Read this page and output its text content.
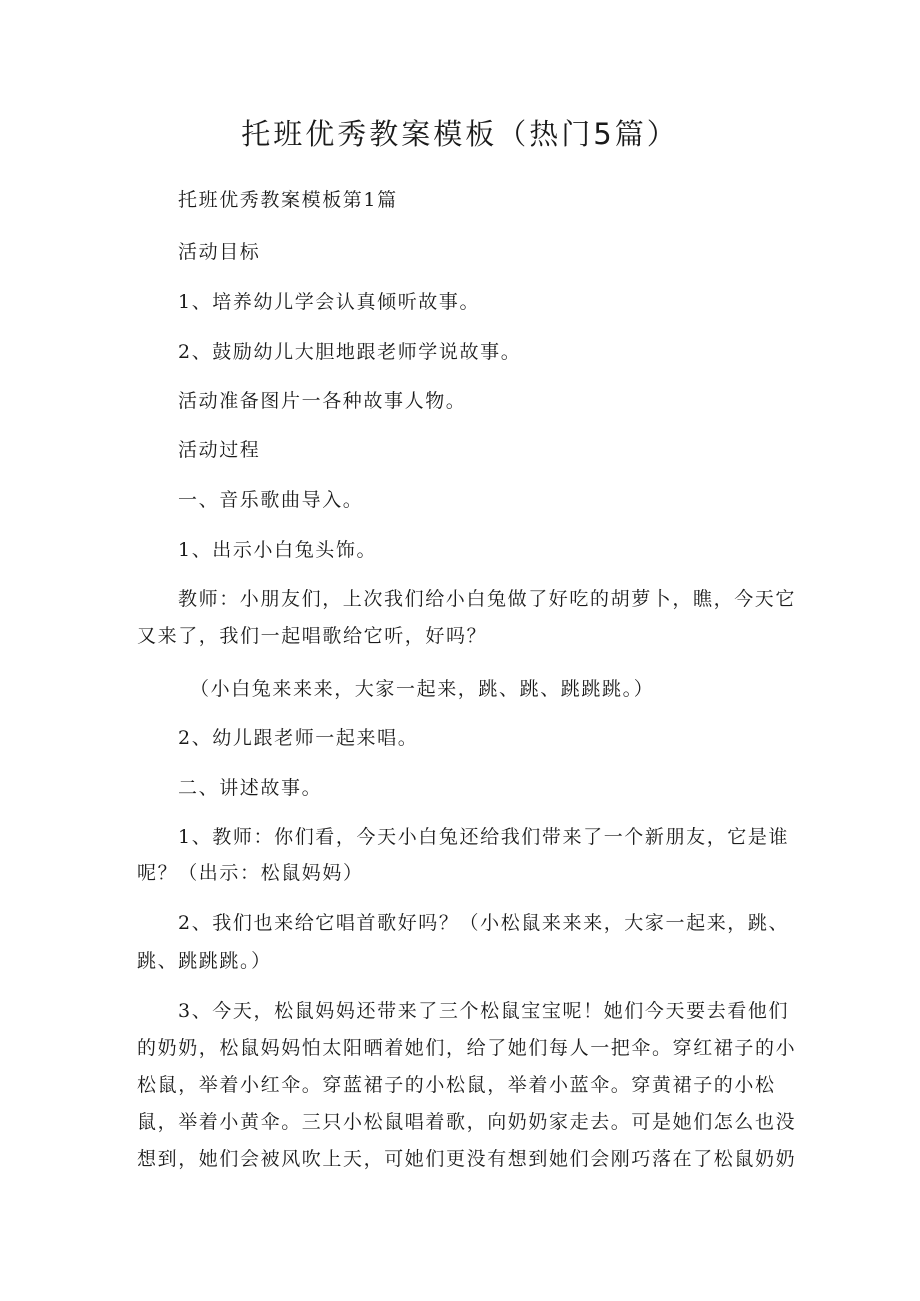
托班优秀教案模板（热门5篇）

托班优秀教案模板第1篇

活动目标

1、培养幼儿学会认真倾听故事。

2、鼓励幼儿大胆地跟老师学说故事。

活动准备图片一各种故事人物。

活动过程

一、音乐歌曲导入。

1、出示小白兔头饰。

教师：小朋友们，上次我们给小白兔做了好吃的胡萝卜，瞧，今天它

又来了，我们一起唱歌给它听，好吗？

（小白兔来来来，大家一起来，跳、跳、跳跳跳。）

2、幼儿跟老师一起来唱。

二、讲述故事。

1、教师：你们看，今天小白兔还给我们带来了一个新朋友，它是谁

呢？（出示：松鼠妈妈）

2、我们也来给它唱首歌好吗？（小松鼠来来来，大家一起来，跳、

跳、跳跳跳。）

3、今天，松鼠妈妈还带来了三个松鼠宝宝呢！她们今天要去看他们

的奶奶，松鼠妈妈怕太阳晒着她们，给了她们每人一把伞。穿红裙子的小

松鼠，举着小红伞。穿蓝裙子的小松鼠，举着小蓝伞。穿黄裙子的小松

鼠，举着小黄伞。三只小松鼠唱着歌，向奶奶家走去。可是她们怎么也没

想到，她们会被风吹上天，可她们更没有想到她们会刚巧落在了松鼠奶奶
